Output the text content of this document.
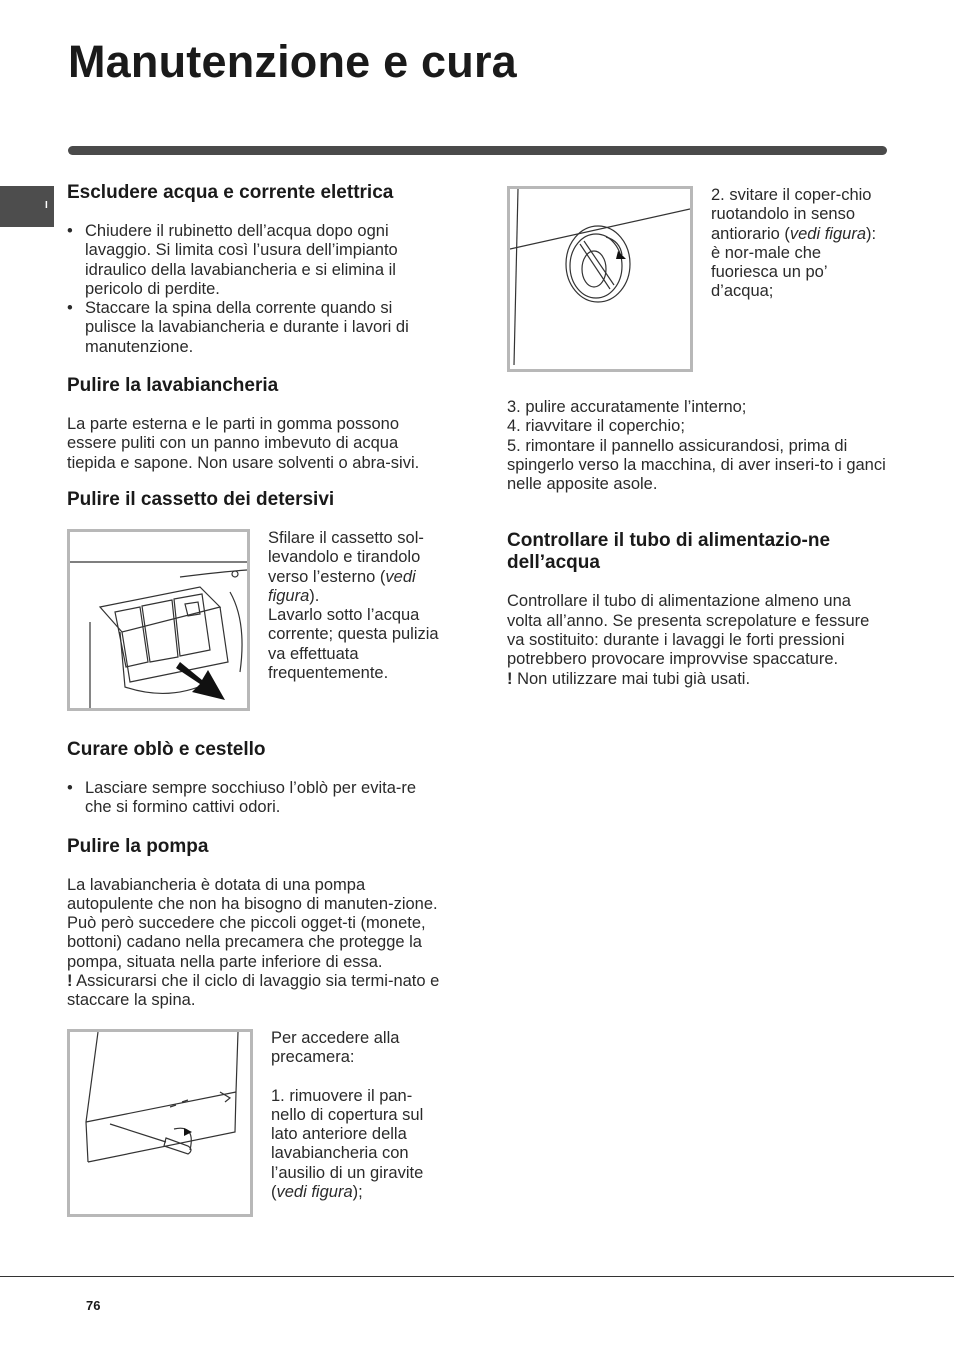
Manutenzione e cura
I
Escludere acqua e corrente elettrica
• Chiudere il rubinetto dell’acqua dopo ogni lavaggio. Si limita così l’usura dell’impianto idraulico della lavabiancheria e si elimina il pericolo di perdite.
• Staccare la spina della corrente quando si pulisce la lavabiancheria e durante i lavori di manutenzione.
Pulire la lavabiancheria

La parte esterna e le parti in gomma possono essere puliti con un panno imbevuto di acqua tiepida e sapone. Non usare solventi o abra-sivi.

Pulire il cassetto dei detersivi
Sfilare il cassetto sol-levandolo e tirandolo verso l’esterno (vedi figura).
Lavarlo sotto l’acqua corrente; questa pulizia va effettuata frequentemente.
Curare oblò e cestello
• Lasciare sempre socchiuso l’oblò per evita-re che si formino cattivi odori.
Pulire la pompa

La lavabiancheria è dotata di una pompa autopulente che non ha bisogno di manuten-zione. Può però succedere che piccoli ogget-ti (monete, bottoni) cadano nella precamera che protegge la pompa, situata nella parte inferiore di essa.

! Assicurarsi che il ciclo di lavaggio sia termi-nato e staccare la spina.

Per accedere alla precamera:

1. rimuovere il pan-nello di copertura sul lato anteriore della lavabiancheria con l’ausilio di un giravite (vedi figura);
2. svitare il coper-chio ruotandolo in senso antiorario (vedi figura): è nor-male che fuoriesca un po’ d’acqua;
3. pulire accuratamente l’interno;
4. riavvitare il coperchio;
5. rimontare il pannello assicurandosi, prima di spingerlo verso la macchina, di aver inseri-to i ganci nelle apposite asole.
Controllare il tubo di alimentazio-ne dell’acqua

Controllare il tubo di alimentazione almeno una volta all’anno. Se presenta screpolature e fessure va sostituito: durante i lavaggi le forti pressioni potrebbero provocare improvvise spaccature.

! Non utilizzare mai tubi già usati.

76
